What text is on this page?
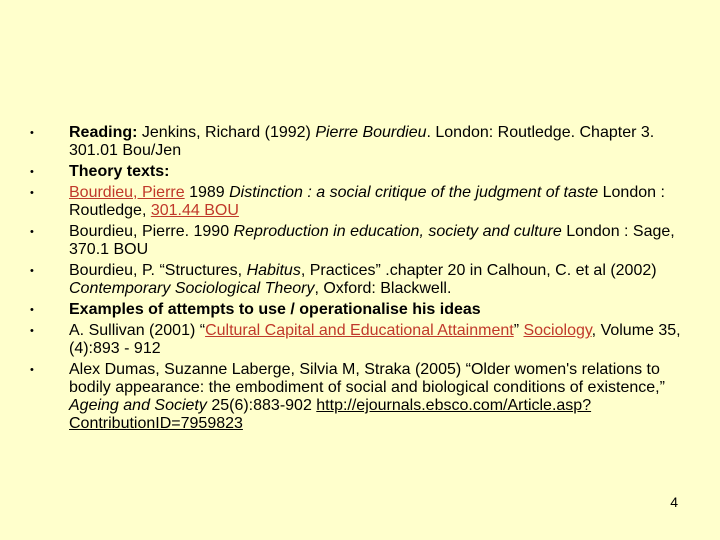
•	Reading: Jenkins, Richard (1992) Pierre Bourdieu. London: Routledge. Chapter 3. 301.01 Bou/Jen
•	Theory texts:
•	Bourdieu, Pierre 1989 Distinction : a social critique of the judgment of taste London : Routledge, 301.44 BOU
•	Bourdieu, Pierre. 1990 Reproduction in education, society and culture London : Sage, 370.1 BOU
•	Bourdieu, P. “Structures, Habitus, Practices” .chapter 20 in Calhoun, C. et al (2002) Contemporary Sociological Theory, Oxford: Blackwell.
•	Examples of attempts to use / operationalise his ideas
•	A. Sullivan (2001) “Cultural Capital and Educational Attainment” Sociology, Volume 35, (4):893 - 912
•	Alex Dumas, Suzanne Laberge, Silvia M, Straka (2005) “Older women's relations to bodily appearance: the embodiment of social and biological conditions of existence,” Ageing and Society 25(6):883-902 http://ejournals.ebsco.com/Article.asp?ContributionID=7959823
4
